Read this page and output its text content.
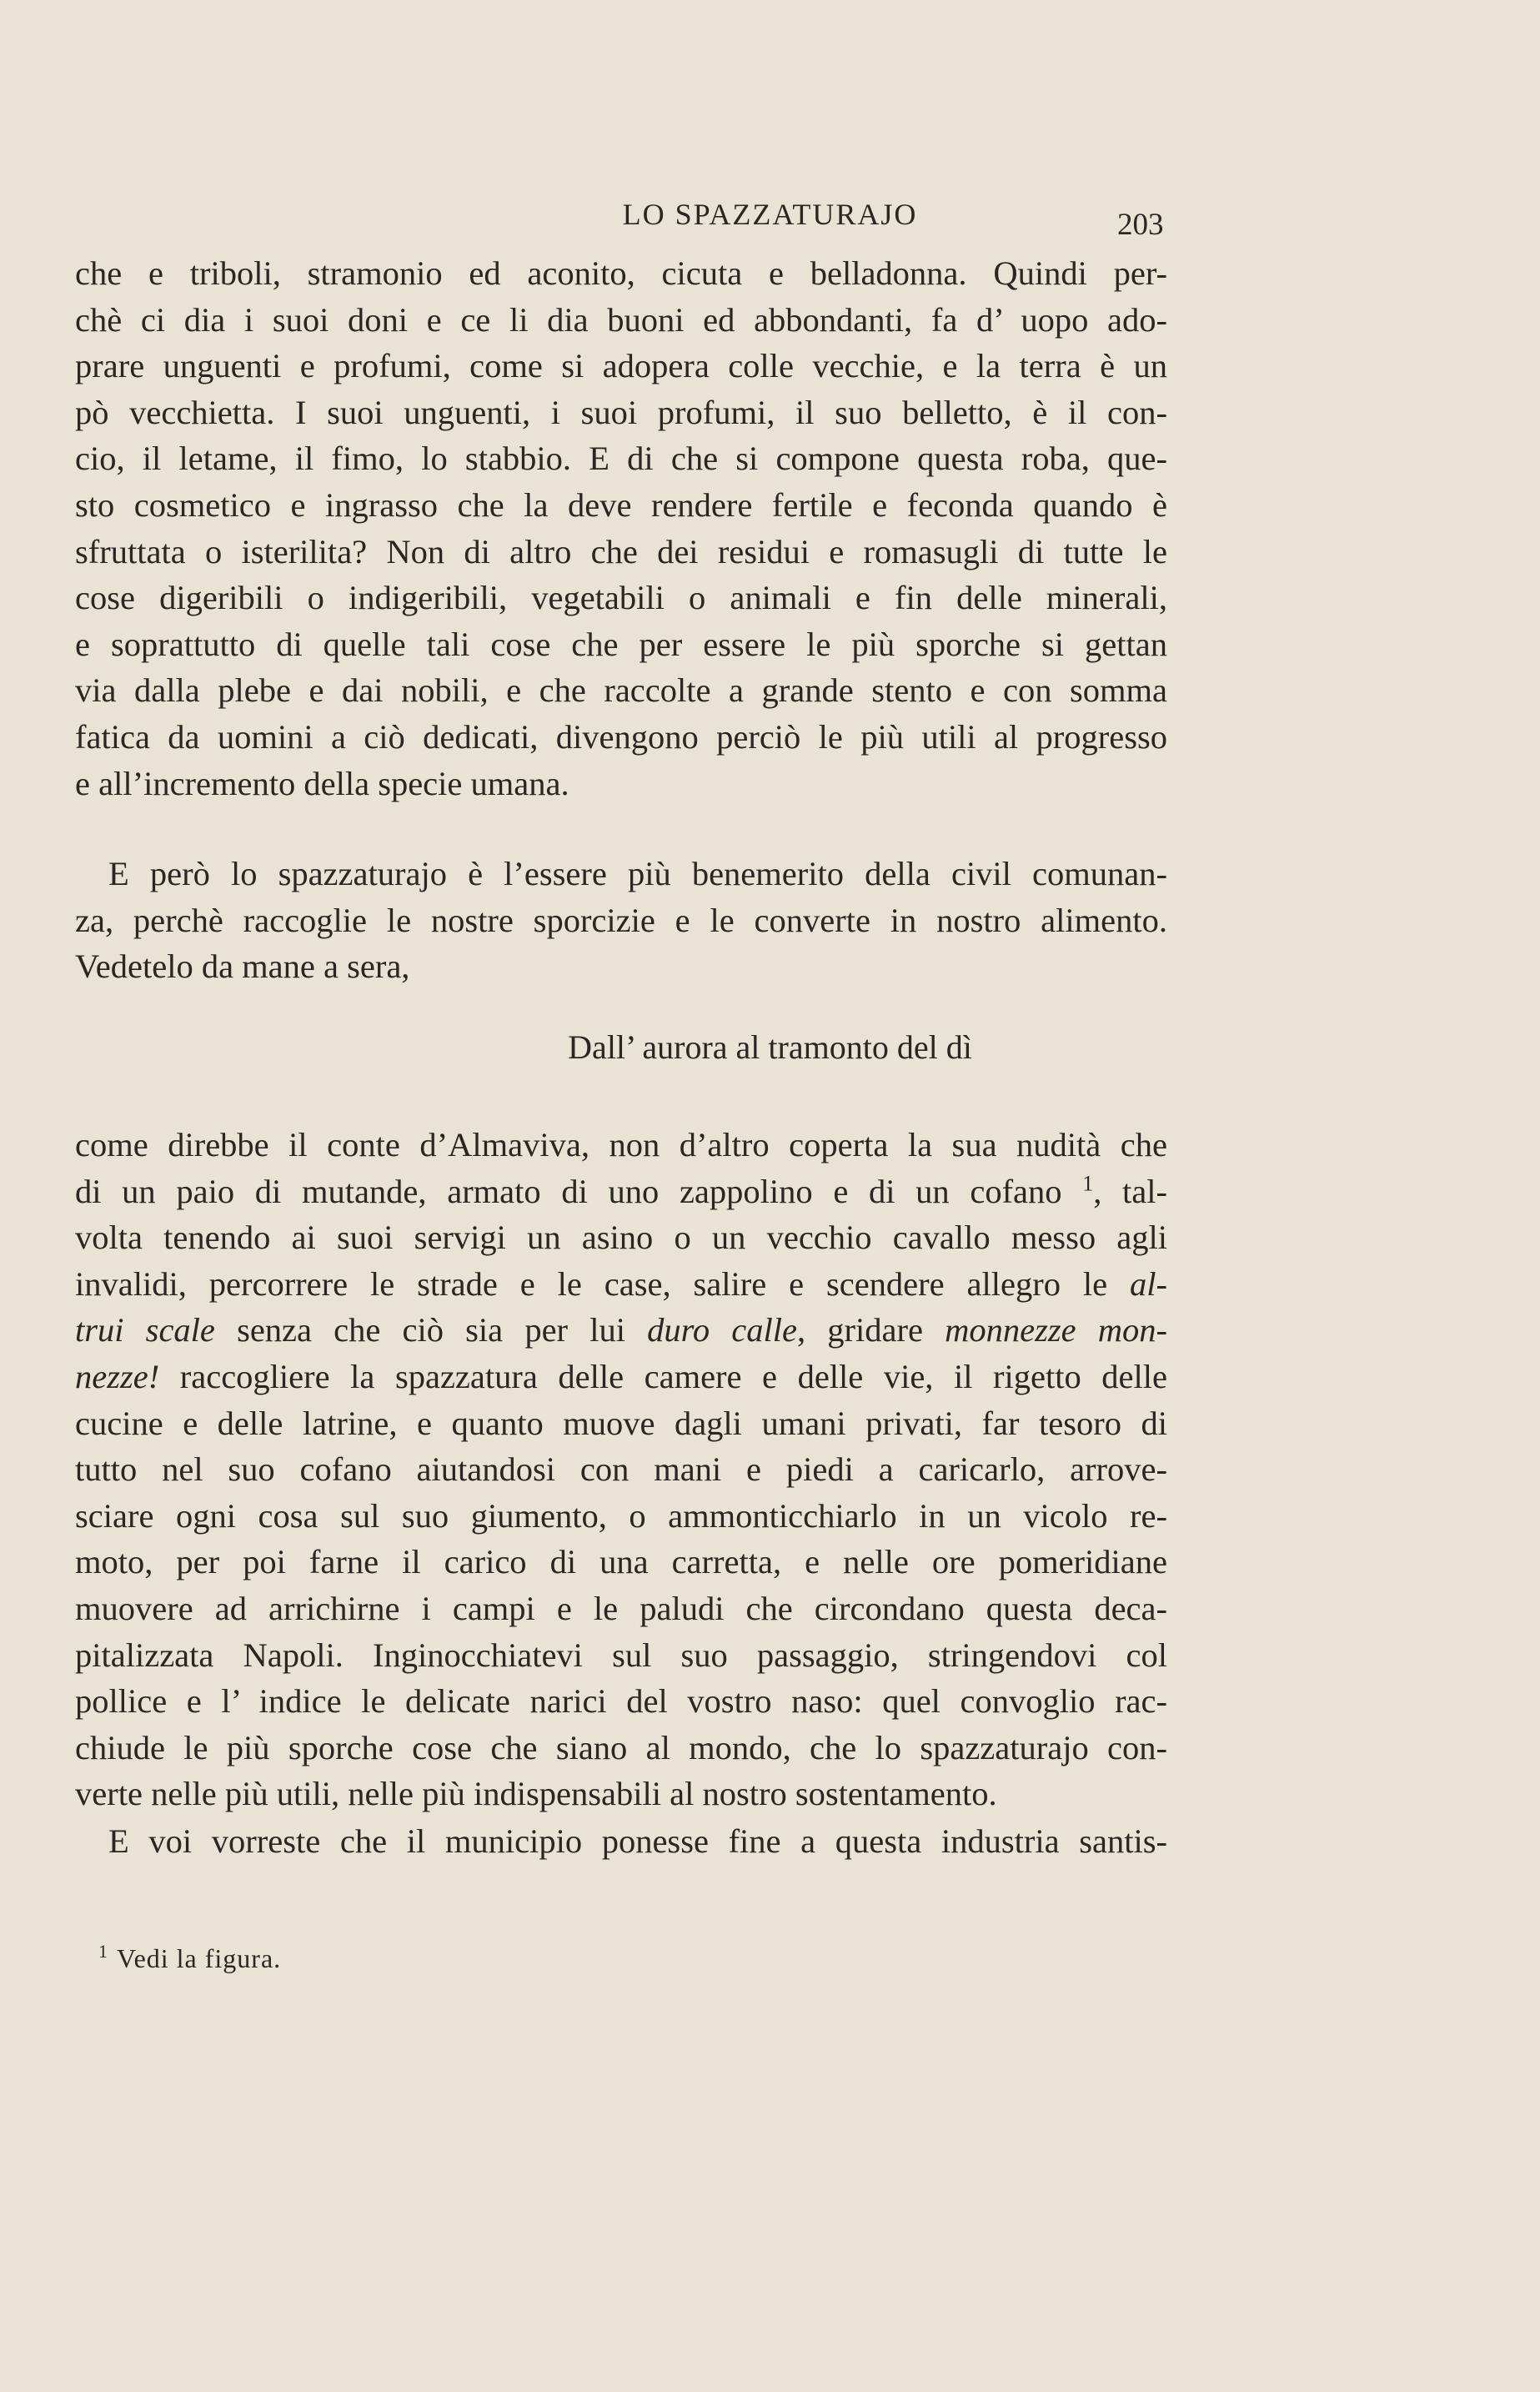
LO SPAZZATURAJO	203
che e triboli, stramonio ed aconito, cicuta e belladonna. Quindi per-
chè ci dia i suoi doni e ce li dia buoni ed abbondanti, fa d’ uopo ado-
prare unguenti e profumi, come si adopera colle vecchie, e la terra è un
pò vecchietta. I suoi unguenti, i suoi profumi, il suo belletto, è il con-
cio, il letame, il fimo, lo stabbio. E di che si compone questa roba, que-
sto cosmetico e ingrasso che la deve rendere fertile e feconda quando è
sfruttata o isterilita? Non di altro che dei residui e romasugli di tutte le
cose digeribili o indigeribili, vegetabili o animali e fin delle minerali,
e soprattutto di quelle tali cose che per essere le più sporche si gettan
via dalla plebe e dai nobili, e che raccolte a grande stento e con somma
fatica da uomini a ciò dedicati, divengono perciò le più utili al progresso
e all’incremento della specie umana.
E però lo spazzaturajo è l’essere più benemerito della civil comunan-
za, perchè raccoglie le nostre sporcizie e le converte in nostro alimento.
Vedetelo da mane a sera,
Dall’ aurora al tramonto del dì
come direbbe il conte d’Almaviva, non d’altro coperta la sua nudità che
di un paio di mutande, armato di uno zappolino e di un cofano $^1$, tal-
volta tenendo ai suoi servigi un asino o un vecchio cavallo messo agli
invalidi, percorrere le strade e le case, salire e scendere allegro le al-
trui scale senza che ciò sia per lui duro calle, gridare monnezze mon-
nezze! raccogliere la spazzatura delle camere e delle vie, il rigetto delle
cucine e delle latrine, e quanto muove dagli umani privati, far tesoro di
tutto nel suo cofano aiutandosi con mani e piedi a caricarlo, arrove-
sciare ogni cosa sul suo giumento, o ammonticchiarlo in un vicolo re-
moto, per poi farne il carico di una carretta, e nelle ore pomeridiane
muovere ad arrichirne i campi e le paludi che circondano questa deca-
pitalizzata Napoli. Inginocchiatevi sul suo passaggio, stringendovi col
pollice e l’ indice le delicate narici del vostro naso: quel convoglio rac-
chiude le più sporche cose che siano al mondo, che lo spazzaturajo con-
verte nelle più utili, nelle più indispensabili al nostro sostentamento.
E voi vorreste che il municipio ponesse fine a questa industria santis-
$^1$ Vedi la figura.
